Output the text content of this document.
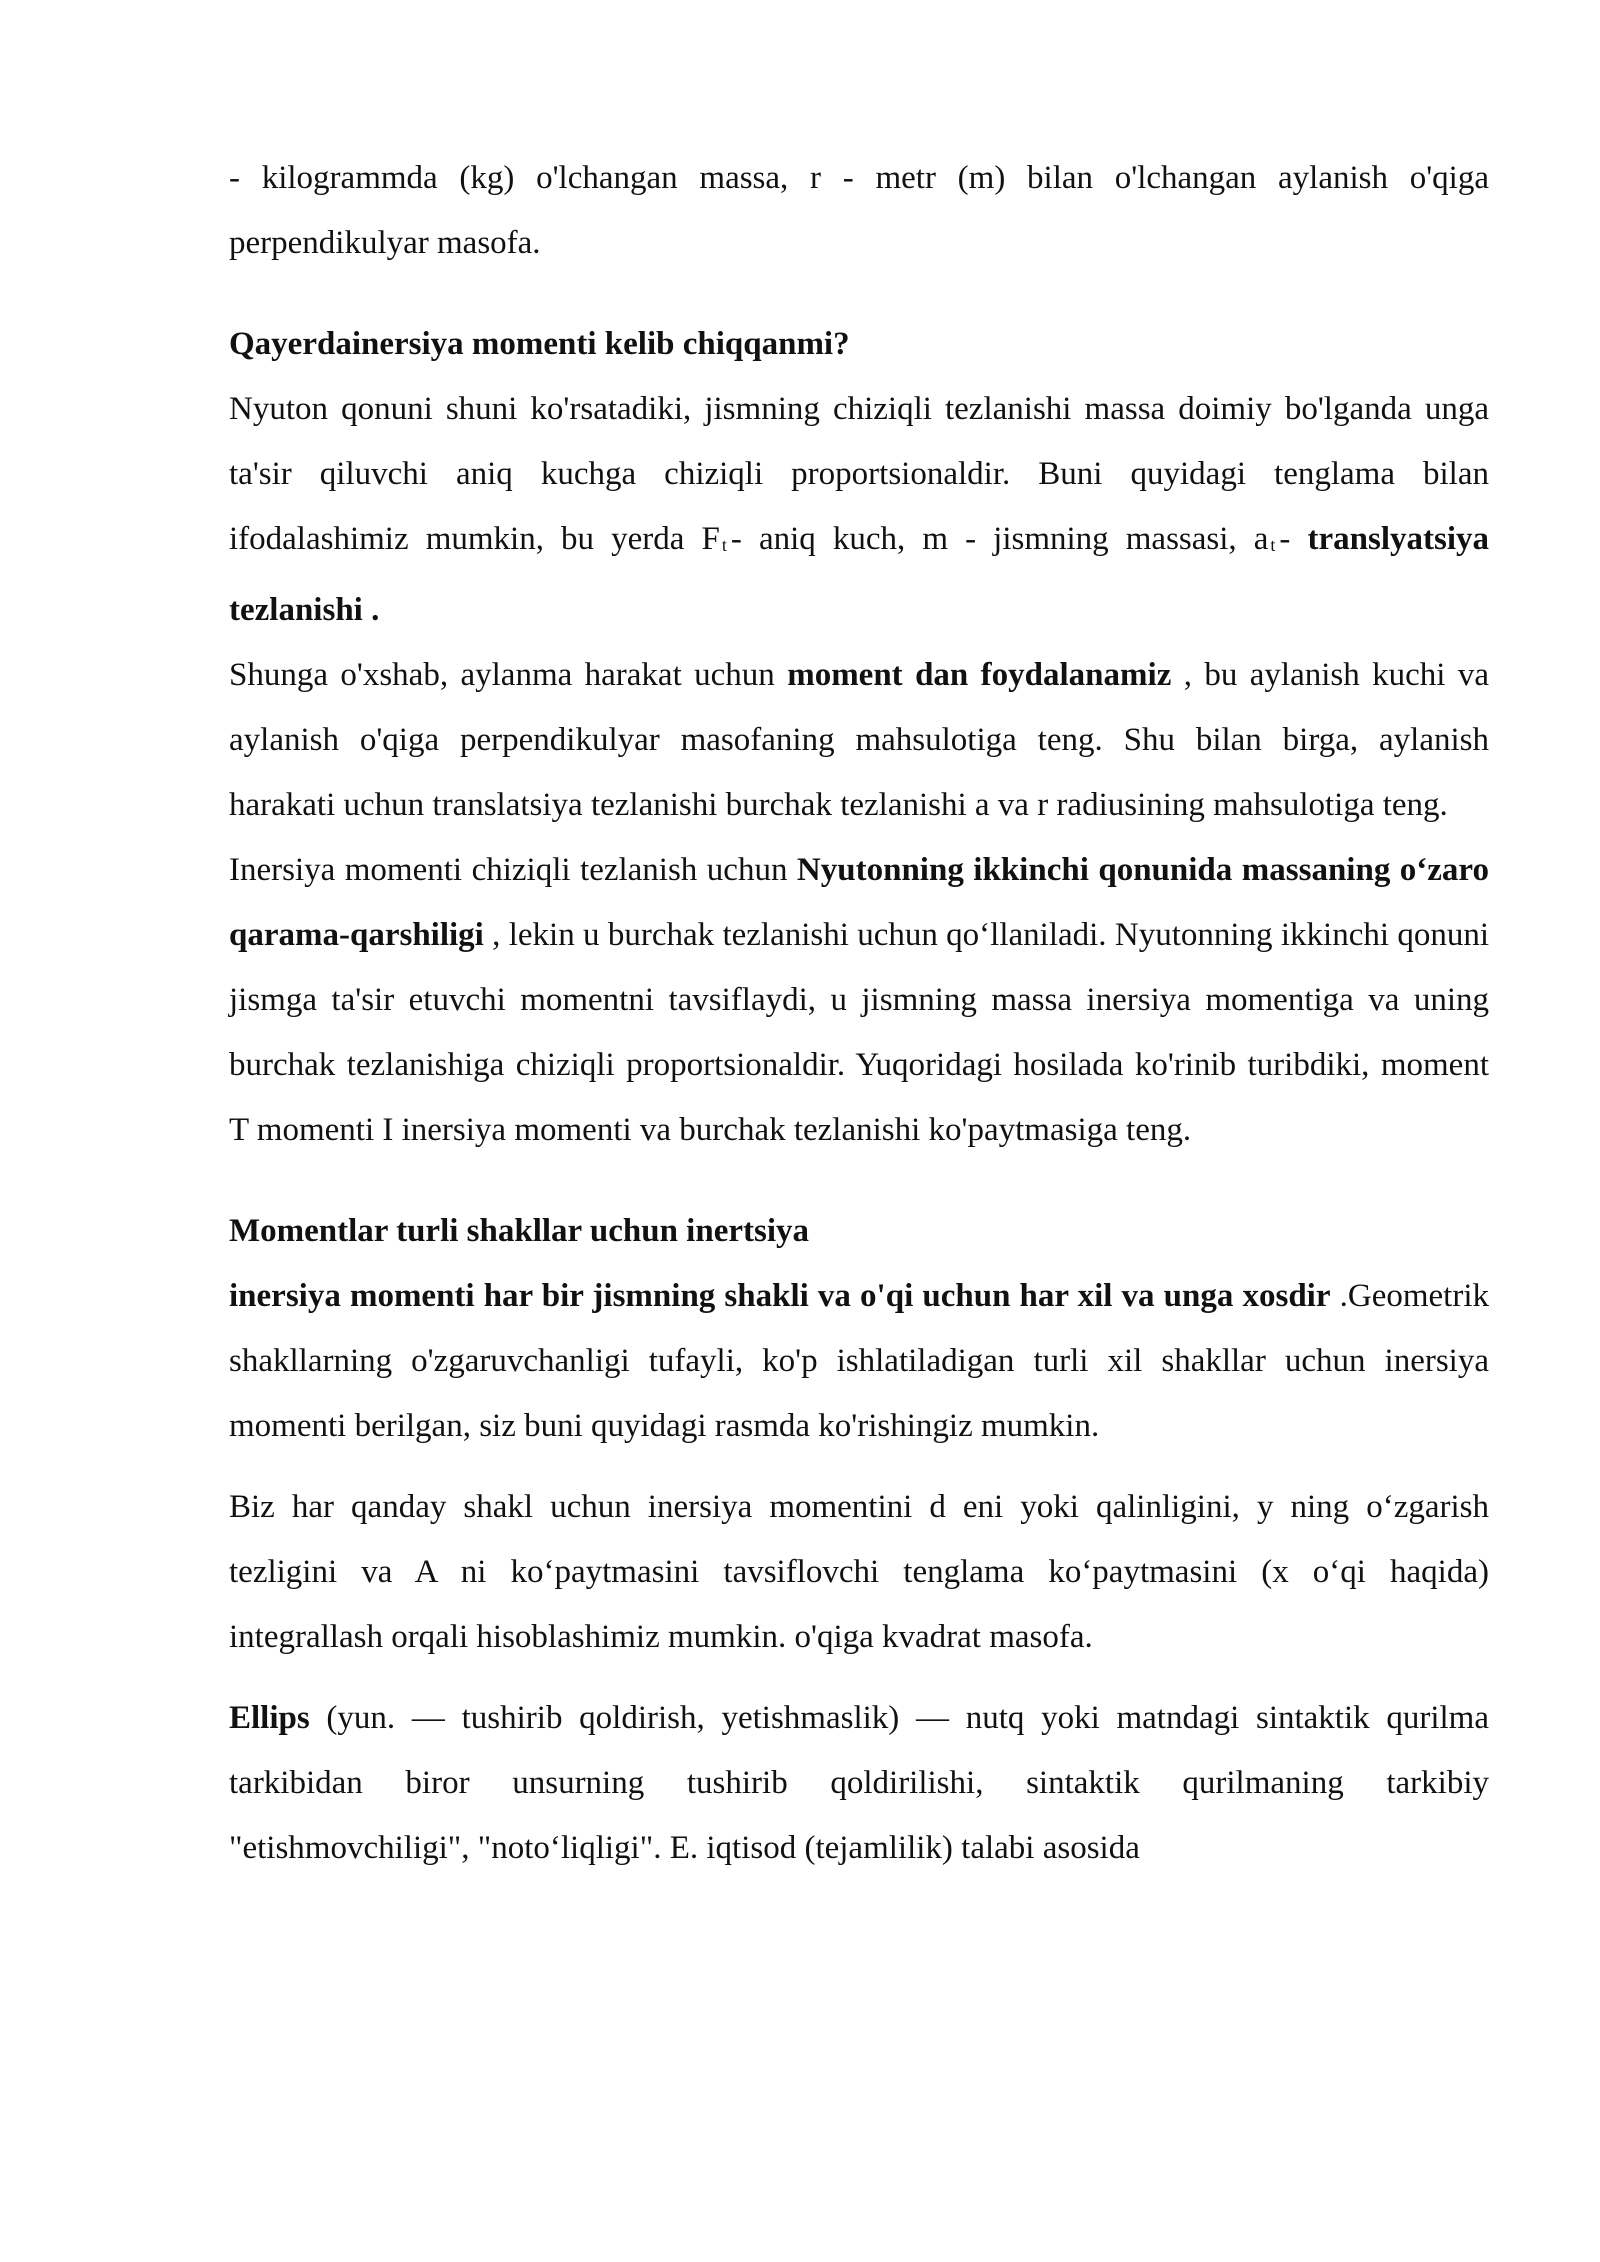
- kilogrammda (kg) o'lchangan massa, r - metr (m) bilan o'lchangan aylanish o'qiga perpendikulyar masofa.

Qayerdainersiya momenti kelib chiqqanmi?

Nyuton qonuni shuni ko'rsatadiki, jismning chiziqli tezlanishi massa doimiy bo'lganda unga ta'sir qiluvchi aniq kuchga chiziqli proportsionaldir. Buni quyidagi tenglama bilan ifodalashimiz mumkin, bu yerda F t - aniq kuch, m - jismning massasi, a t - translyatsiya tezlanishi .

Shunga o'xshab, aylanma harakat uchun moment dan foydalanamiz , bu aylanish kuchi va aylanish o'qiga perpendikulyar masofaning mahsulotiga teng. Shu bilan birga, aylanish harakati uchun translatsiya tezlanishi burchak tezlanishi a va r radiusining mahsulotiga teng.

Inersiya momenti chiziqli tezlanish uchun Nyutonning ikkinchi qonunida massaning o‘zaro qarama-qarshiligi , lekin u burchak tezlanishi uchun qo‘llaniladi. Nyutonning ikkinchi qonuni jismga ta'sir etuvchi momentni tavsiflaydi, u jismning massa inersiya momentiga va uning burchak tezlanishiga chiziqli proportsionaldir. Yuqoridagi hosilada ko'rinib turibdiki, moment T momenti I inersiya momenti va burchak tezlanishi ko'paytmasiga teng.

Momentlar turli shakllar uchun inertsiya

inersiya momenti har bir jismning shakli va o'qi uchun har xil va unga xosdir .Geometrik shakllarning o'zgaruvchanligi tufayli, ko'p ishlatiladigan turli xil shakllar uchun inersiya momenti berilgan, siz buni quyidagi rasmda ko'rishingiz mumkin.

Biz har qanday shakl uchun inersiya momentini d eni yoki qalinligini, y ning o‘zgarish tezligini va A ni ko‘paytmasini tavsiflovchi tenglama ko‘paytmasini (x o‘qi haqida) integrallash orqali hisoblashimiz mumkin. o'qiga kvadrat masofa.

Ellips (yun. — tushirib qoldirish, yetishmaslik) — nutq yoki matndagi sintaktik qurilma tarkibidan biror unsurning tushirib qoldirilishi, sintaktik qurilmaning tarkibiy "etishmovchiligi", "noto‘liqligi". E. iqtisod (tejamlilik) talabi asosida
